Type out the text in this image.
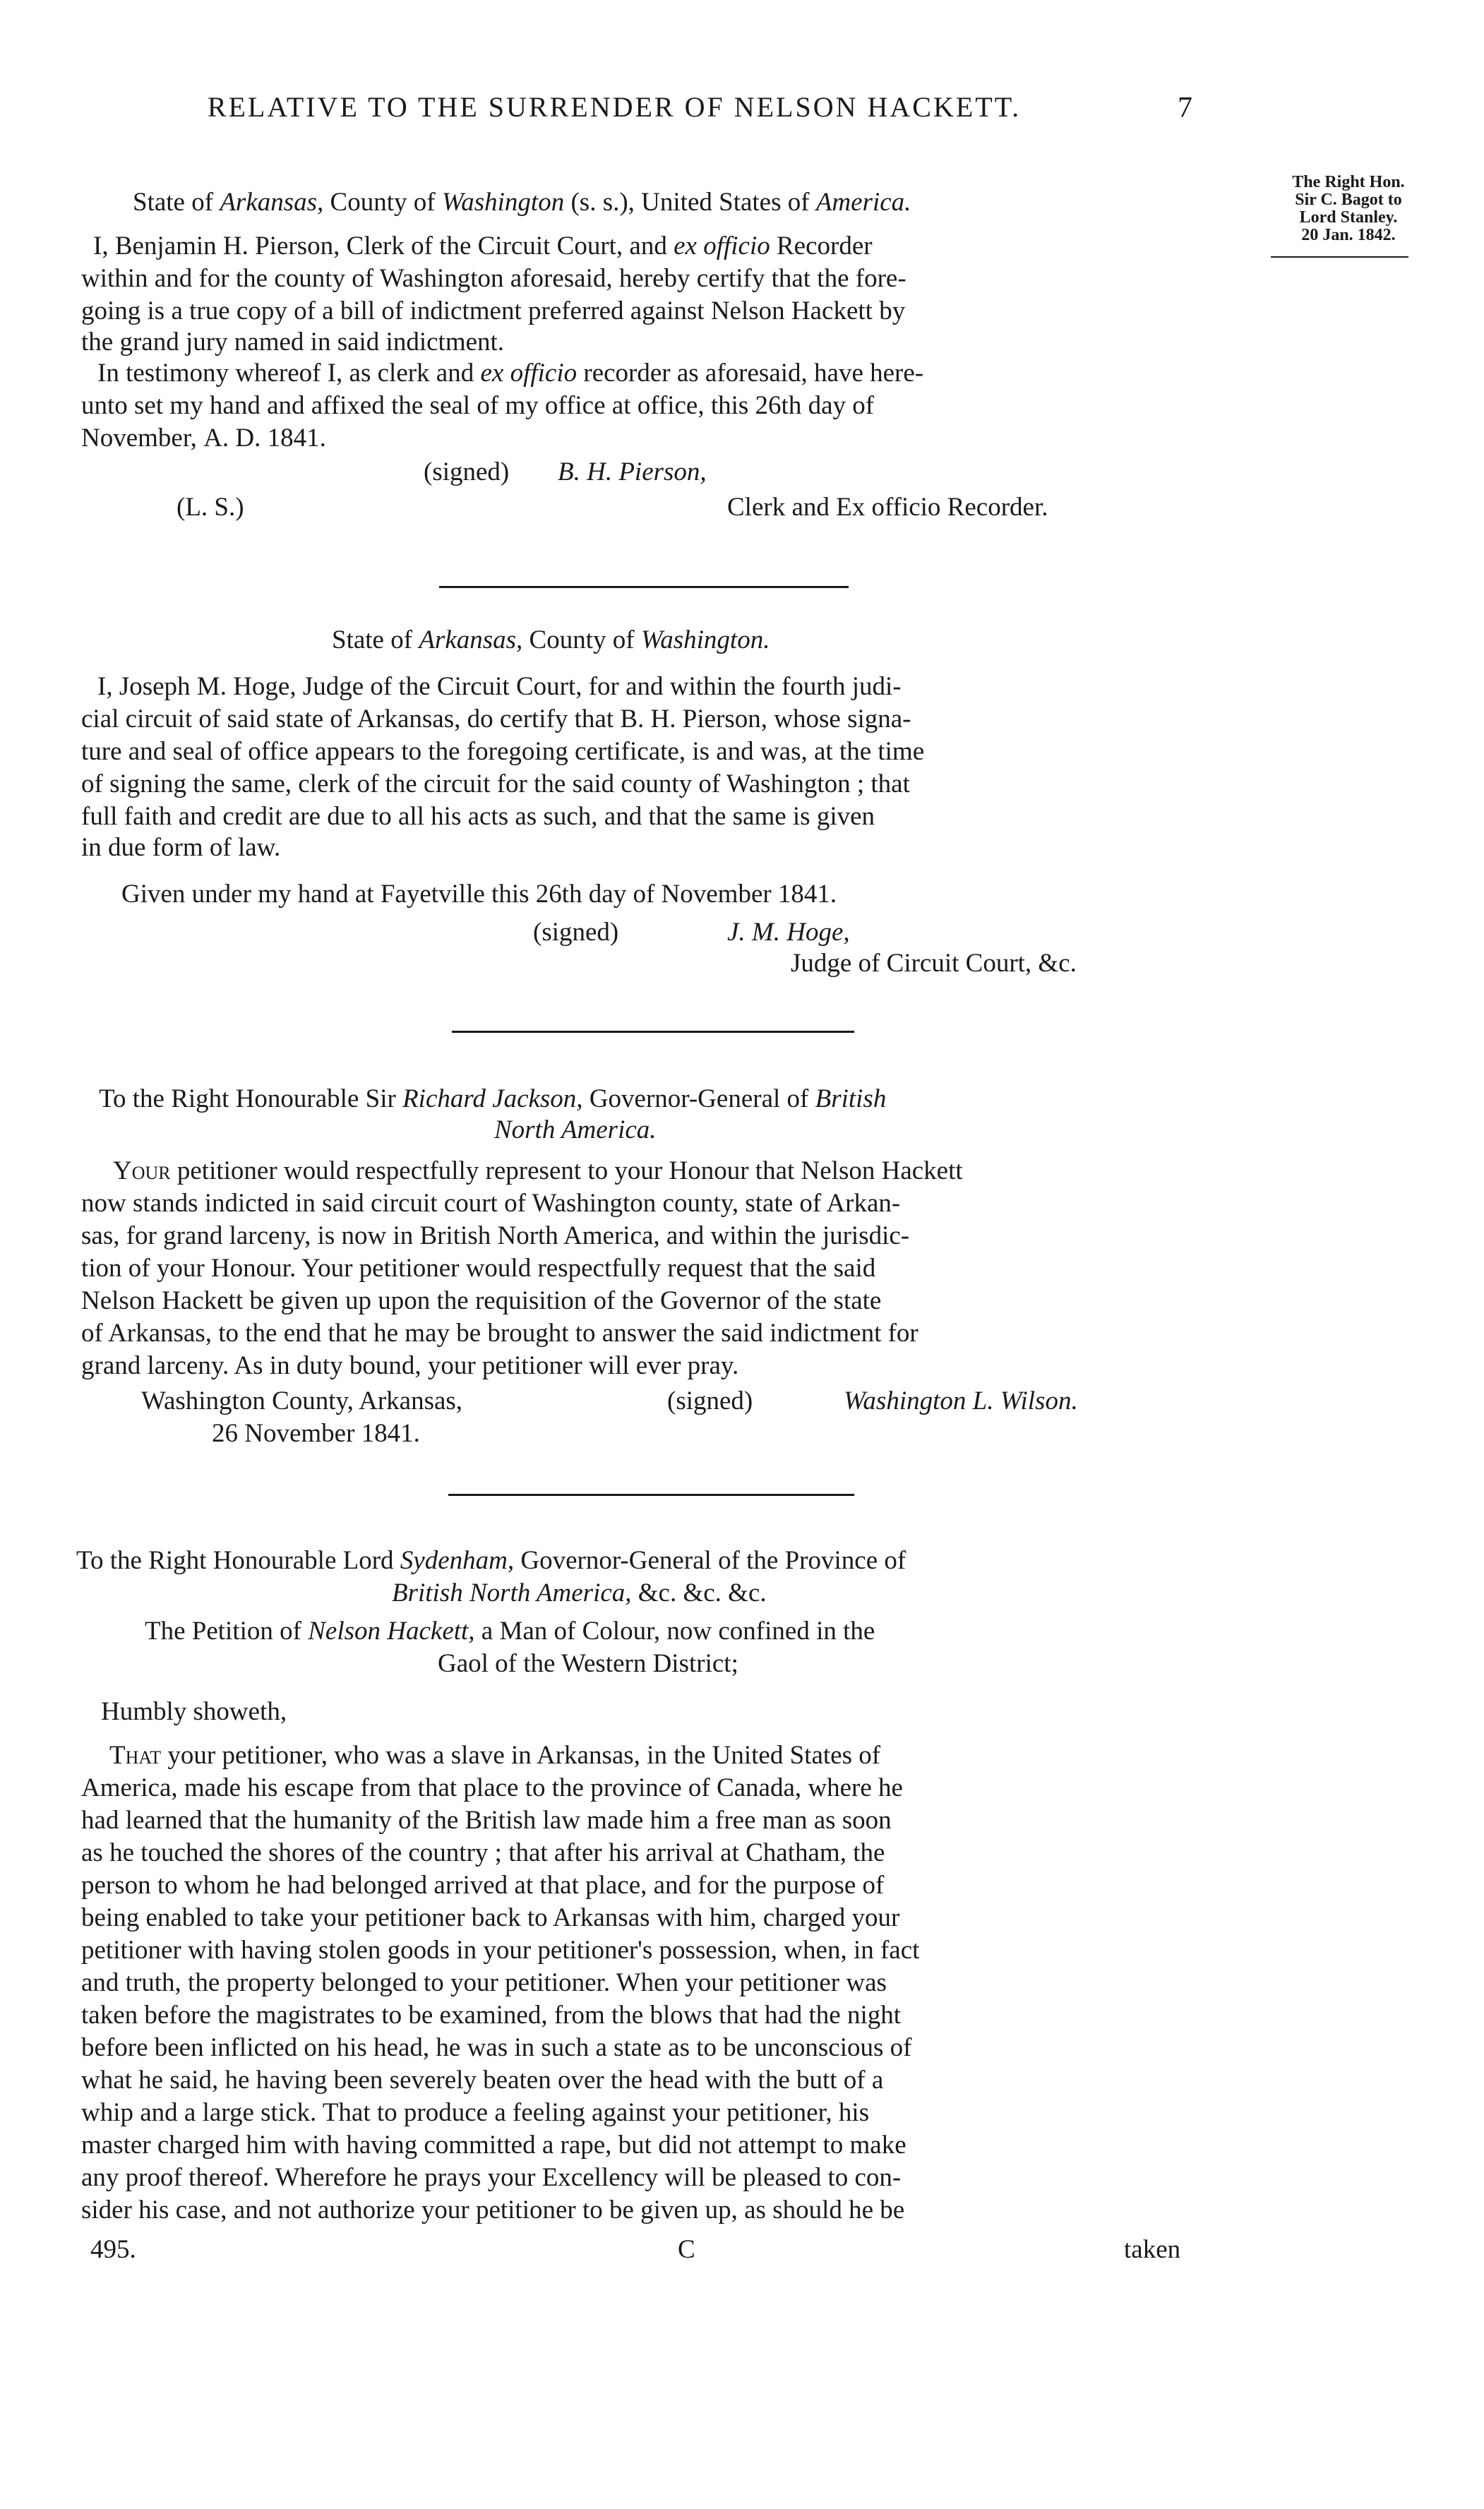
RELATIVE TO THE SURRENDER OF NELSON HACKETT.	7
The Right Hon.
Sir C. Bagot to
Lord Stanley.
20 Jan. 1842.
State of Arkansas, County of Washington (s. s.), United States of America.
I, Benjamin H. Pierson, Clerk of the Circuit Court, and ex officio Recorder
within and for the county of Washington aforesaid, hereby certify that the fore-
going is a true copy of a bill of indictment preferred against Nelson Hackett by
the grand jury named in said indictment.
In testimony whereof I, as clerk and ex officio recorder as aforesaid, have here-
unto set my hand and affixed the seal of my office at office, this 26th day of
November, A. D. 1841.
(signed) B. H. Pierson,
(L. S.)	Clerk and Ex officio Recorder.
State of Arkansas, County of Washington.
I, Joseph M. Hoge, Judge of the Circuit Court, for and within the fourth judi-
cial circuit of said state of Arkansas, do certify that B. H. Pierson, whose signa-
ture and seal of office appears to the foregoing certificate, is and was, at the time
of signing the same, clerk of the circuit for the said county of Washington ; that
full faith and credit are due to all his acts as such, and that the same is given
in due form of law.
Given under my hand at Fayetville this 26th day of November 1841.
(signed)	J. M. Hoge,
Judge of Circuit Court, &c.
To the Right Honourable Sir Richard Jackson, Governor-General of British
North America.
Your petitioner would respectfully represent to your Honour that Nelson Hackett
now stands indicted in said circuit court of Washington county, state of Arkan-
sas, for grand larceny, is now in British North America, and within the jurisdic-
tion of your Honour. Your petitioner would respectfully request that the said
Nelson Hackett be given up upon the requisition of the Governor of the state
of Arkansas, to the end that he may be brought to answer the said indictment for
grand larceny. As in duty bound, your petitioner will ever pray.
Washington County, Arkansas,	(signed)	Washington L. Wilson.
26 November 1841.
To the Right Honourable Lord Sydenham, Governor-General of the Province of
British North America, &c. &c. &c.
The Petition of Nelson Hackett, a Man of Colour, now confined in the
Gaol of the Western District;
Humbly showeth,
That your petitioner, who was a slave in Arkansas, in the United States of
America, made his escape from that place to the province of Canada, where he
had learned that the humanity of the British law made him a free man as soon
as he touched the shores of the country ; that after his arrival at Chatham, the
person to whom he had belonged arrived at that place, and for the purpose of
being enabled to take your petitioner back to Arkansas with him, charged your
petitioner with having stolen goods in your petitioner's possession, when, in fact
and truth, the property belonged to your petitioner. When your petitioner was
taken before the magistrates to be examined, from the blows that had the night
before been inflicted on his head, he was in such a state as to be unconscious of
what he said, he having been severely beaten over the head with the butt of a
whip and a large stick. That to produce a feeling against your petitioner, his
master charged him with having committed a rape, but did not attempt to make
any proof thereof. Wherefore he prays your Excellency will be pleased to con-
sider his case, and not authorize your petitioner to be given up, as should he be
495.	C	taken
